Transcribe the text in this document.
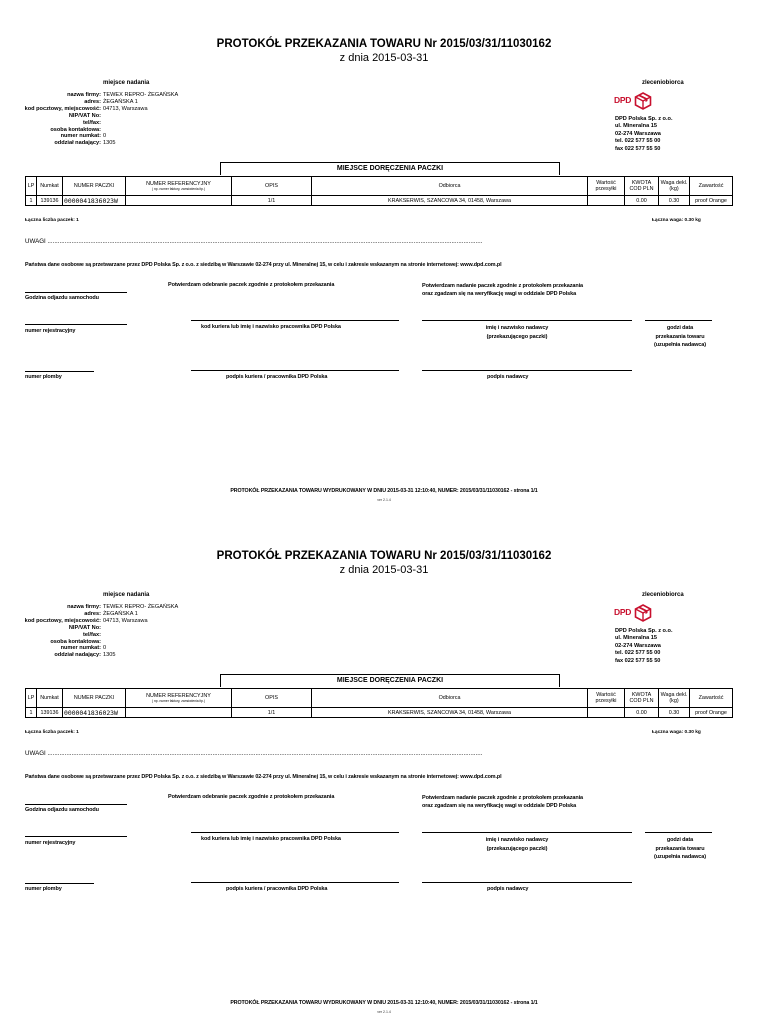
PROTOKÓŁ PRZEKAZANIA TOWARU Nr 2015/03/31/11030162
z dnia 2015-03-31
miejsce nadania	zleceniobiorca
nazwa firmy: TEWEX REPRO- ŻEGAŃSKA
adres: ŻEGAŃSKA 1
kod pocztowy, miejscowość: 04713, Warszawa
NIP/VAT No:
tel/fax:
osoba kontaktowa:
numer numkat: 0
oddział nadający: 1305
DPD
DPD Polska Sp. z o.o.
ul. Mineralna 15
02-274 Warszawa
tel. 022 577 55 00
fax 022 577 55 50
MIEJSCE DORĘCZENIA PACZKI
LP	Numkat	NUMER PACZKI	NUMER REFERENCYJNY
( np. numer faktury, zamówienia itp.)	OPIS	Odbiorca	Wartość przesyłki	KWOTA COD PLN	Waga dekl. (kg)	Zawartość
1	139136	0000041836023W		1/1	KRAKSERWIS, SZANCOWA 34, 01458, Warszawa		0.00	0.30	proof Orange
Łączna liczba paczek: 1	Łączna waga: 0.30 kg
UWAGI .............................................................................................................................................................................................................................................................
Państwa dane osobowe są przetwarzane przez DPD Polska Sp. z o.o. z siedzibą w Warszawie 02-274 przy ul. Mineralnej 15, w celu i zakresie wskazanym na stronie internetowej: www.dpd.com.pl
Potwierdzam odebranie paczek zgodnie z protokołem przekazania	Potwierdzam nadanie paczek zgodnie z protokołem przekazania
oraz zgadzam się na weryfikację wagi w oddziale DPD Polska
Godzina odjazdu samochodu
numer rejestracyjny
kod kuriera lub imię i nazwisko pracownika DPD Polska	imię i nazwisko nadawcy
(przekazującego paczki)
godzi data
przekazania towaru
(uzupełnia nadawca)
numer plomby	podpis kuriera / pracownika DPD Polska	podpis nadawcy
PROTOKÓŁ PRZEKAZANIA TOWARU WYDRUKOWANY W DNIU 2015-03-31 12:10:40, NUMER: 2015/03/31/11030162 - strona 1/1
ver 2.1.4
PROTOKÓŁ PRZEKAZANIA TOWARU Nr 2015/03/31/11030162
z dnia 2015-03-31
miejsce nadania	zleceniobiorca
nazwa firmy: TEWEX REPRO- ŻEGAŃSKA
adres: ŻEGAŃSKA 1
kod pocztowy, miejscowość: 04713, Warszawa
NIP/VAT No:
tel/fax:
osoba kontaktowa:
numer numkat: 0
oddział nadający: 1305
DPD
DPD Polska Sp. z o.o.
ul. Mineralna 15
02-274 Warszawa
tel. 022 577 55 00
fax 022 577 55 50
MIEJSCE DORĘCZENIA PACZKI
LP	Numkat	NUMER PACZKI	NUMER REFERENCYJNY
( np. numer faktury, zamówienia itp.)	OPIS	Odbiorca	Wartość przesyłki	KWOTA COD PLN	Waga dekl. (kg)	Zawartość
1	139136	0000041836023W		1/1	KRAKSERWIS, SZANCOWA 34, 01458, Warszawa		0.00	0.30	proof Orange
Łączna liczba paczek: 1	Łączna waga: 0.30 kg
UWAGI .............................................................................................................................................................................................................................................................
Państwa dane osobowe są przetwarzane przez DPD Polska Sp. z o.o. z siedzibą w Warszawie 02-274 przy ul. Mineralnej 15, w celu i zakresie wskazanym na stronie internetowej: www.dpd.com.pl
Potwierdzam odebranie paczek zgodnie z protokołem przekazania	Potwierdzam nadanie paczek zgodnie z protokołem przekazania
oraz zgadzam się na weryfikację wagi w oddziale DPD Polska
Godzina odjazdu samochodu
numer rejestracyjny
kod kuriera lub imię i nazwisko pracownika DPD Polska	imię i nazwisko nadawcy
(przekazującego paczki)
godzi data
przekazania towaru
(uzupełnia nadawca)
numer plomby	podpis kuriera / pracownika DPD Polska	podpis nadawcy
PROTOKÓŁ PRZEKAZANIA TOWARU WYDRUKOWANY W DNIU 2015-03-31 12:10:40, NUMER: 2015/03/31/11030162 - strona 1/1
ver 2.1.4
